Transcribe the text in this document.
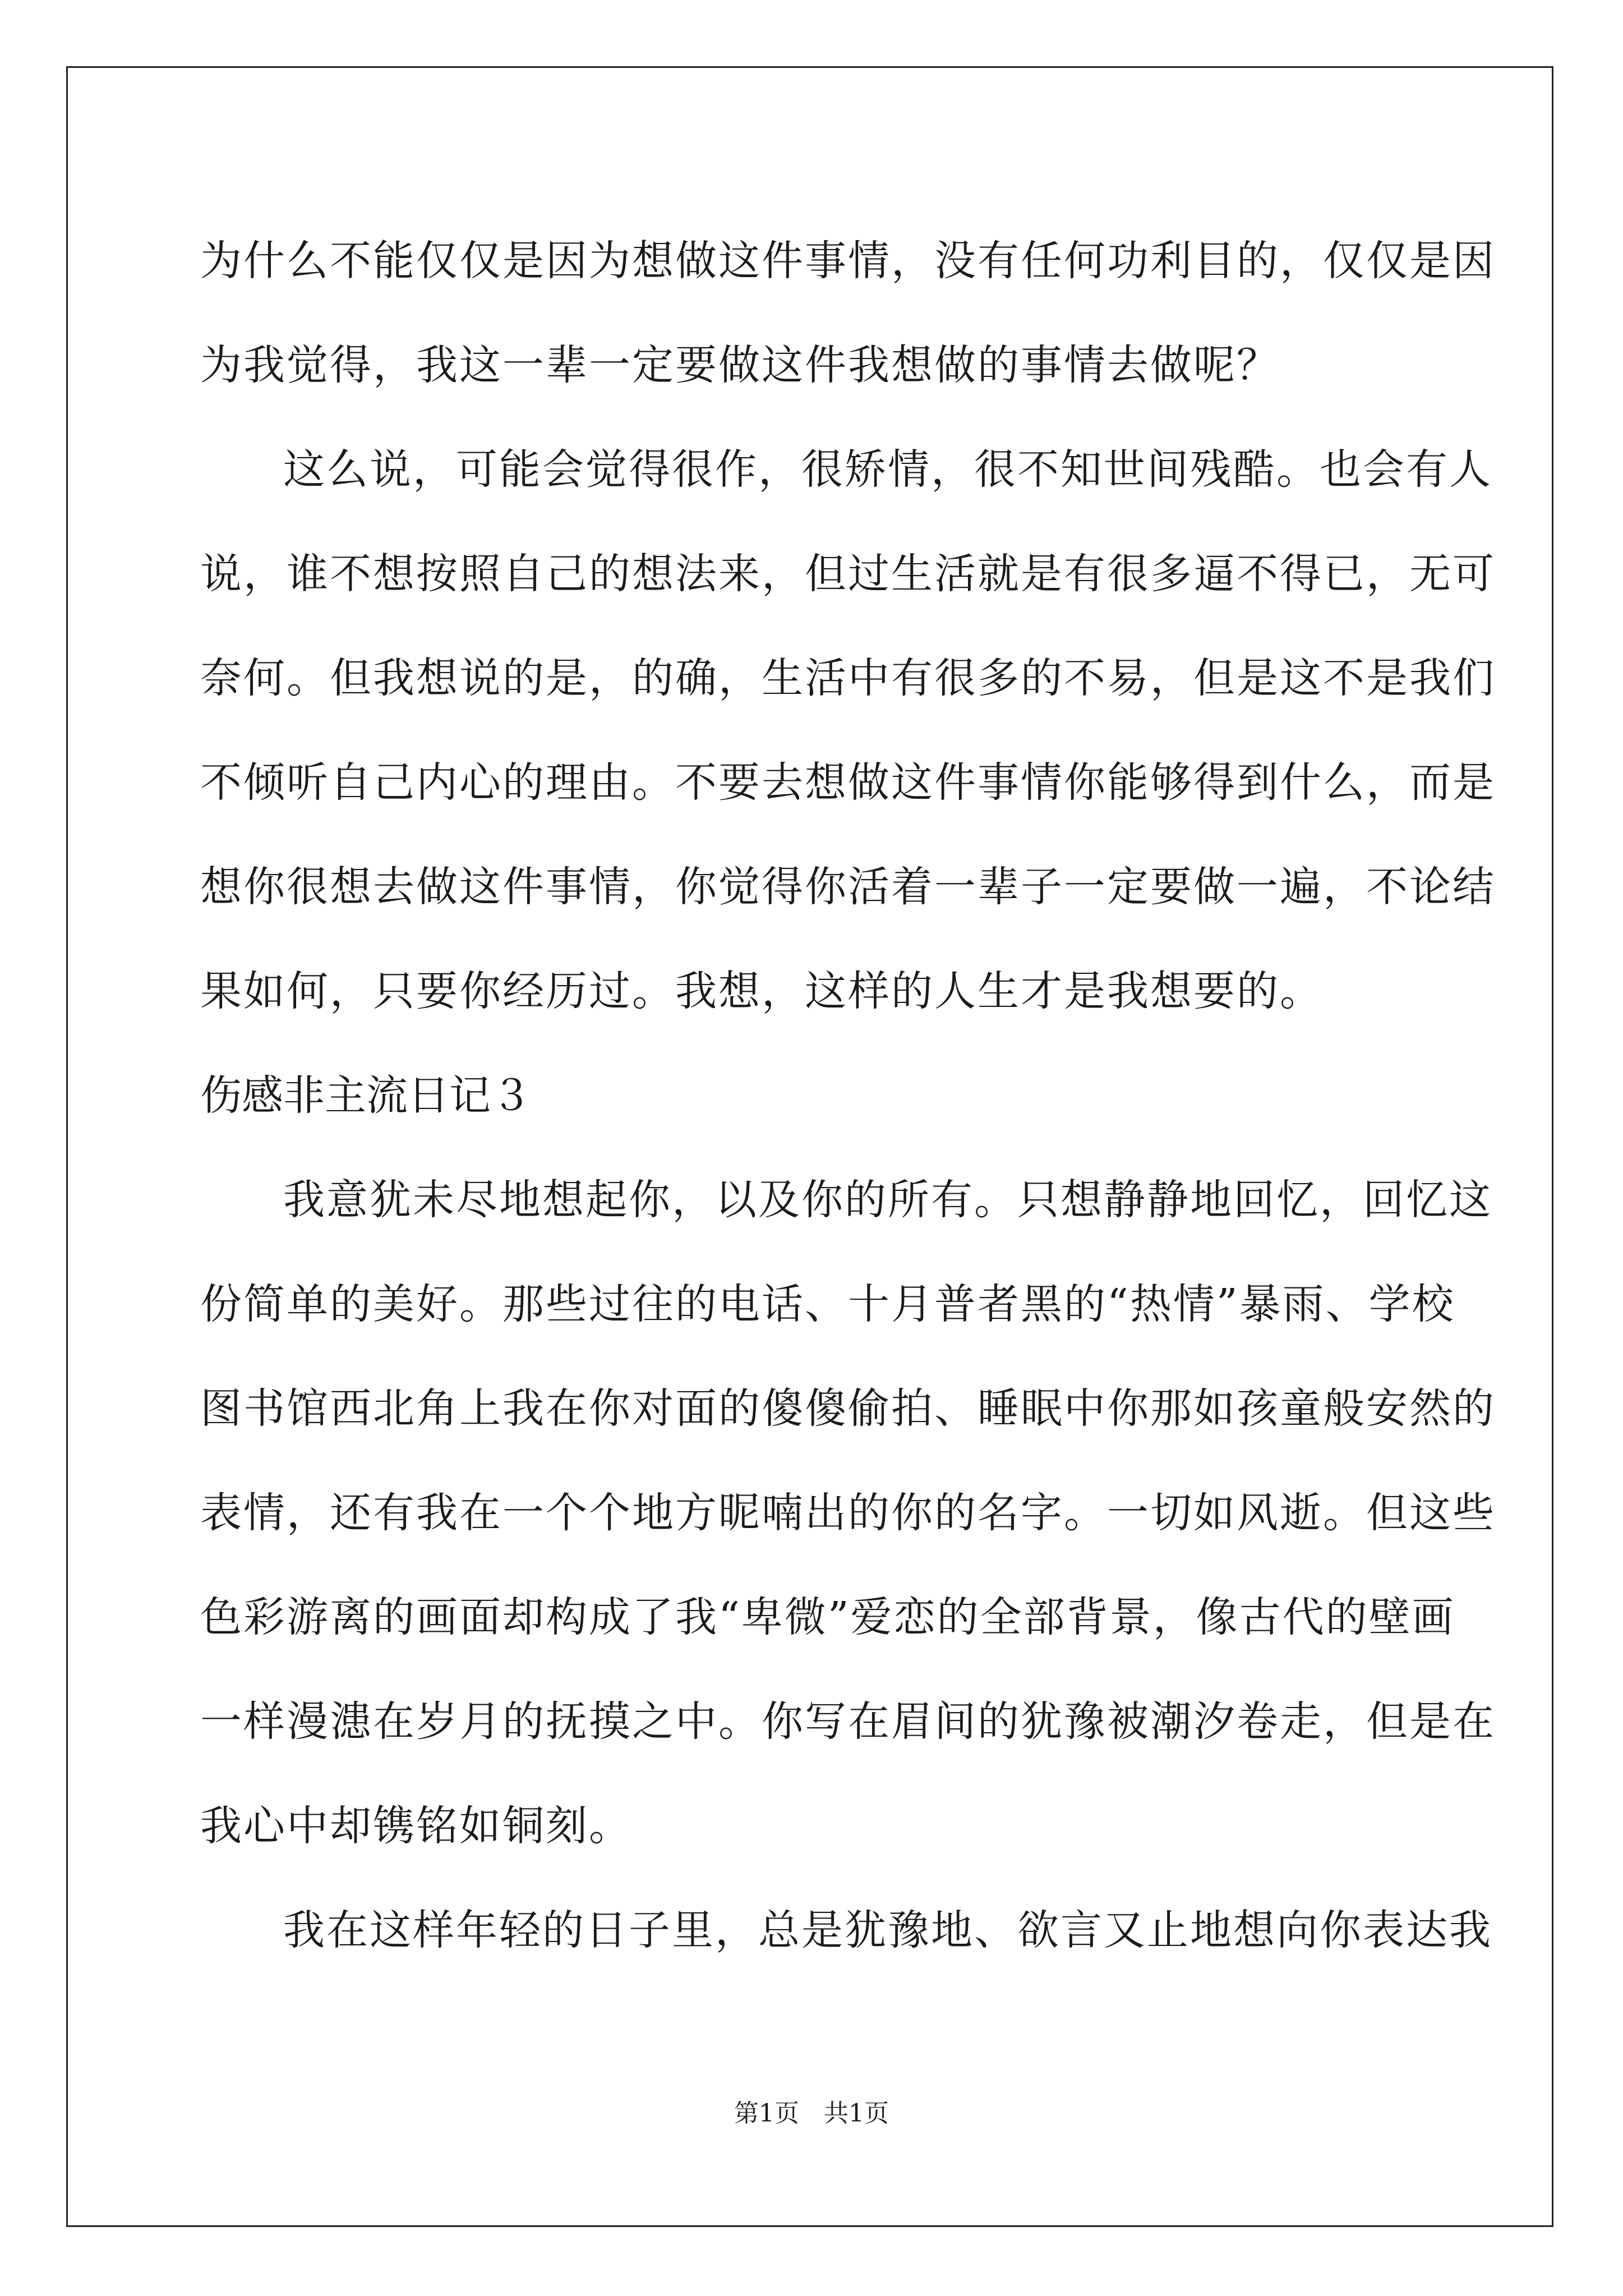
为什么不能仅仅是因为想做这件事情，没有任何功利目的，仅仅是因
为我觉得，我这一辈一定要做这件我想做的事情去做呢？
这么说，可能会觉得很作，很矫情，很不知世间残酷。也会有人
说，谁不想按照自己的想法来，但过生活就是有很多逼不得已，无可
奈何。但我想说的是，的确，生活中有很多的不易，但是这不是我们
不倾听自己内心的理由。不要去想做这件事情你能够得到什么，而是
想你很想去做这件事情，你觉得你活着一辈子一定要做一遍，不论结
果如何，只要你经历过。我想，这样的人生才是我想要的。
伤感非主流日记３
我意犹未尽地想起你，以及你的所有。只想静静地回忆，回忆这
份简单的美好。那些过往的电话、十月普者黑的“热情”暴雨、学校
图书馆西北角上我在你对面的傻傻偷拍、睡眠中你那如孩童般安然的
表情，还有我在一个个地方昵喃出的你的名字。一切如风逝。但这些
色彩游离的画面却构成了我“卑微”爱恋的全部背景，像古代的壁画
一样漫漶在岁月的抚摸之中。你写在眉间的犹豫被潮汐卷走，但是在
我心中却镌铭如铜刻。
我在这样年轻的日子里，总是犹豫地、欲言又止地想向你表达我
第1页　共1页
